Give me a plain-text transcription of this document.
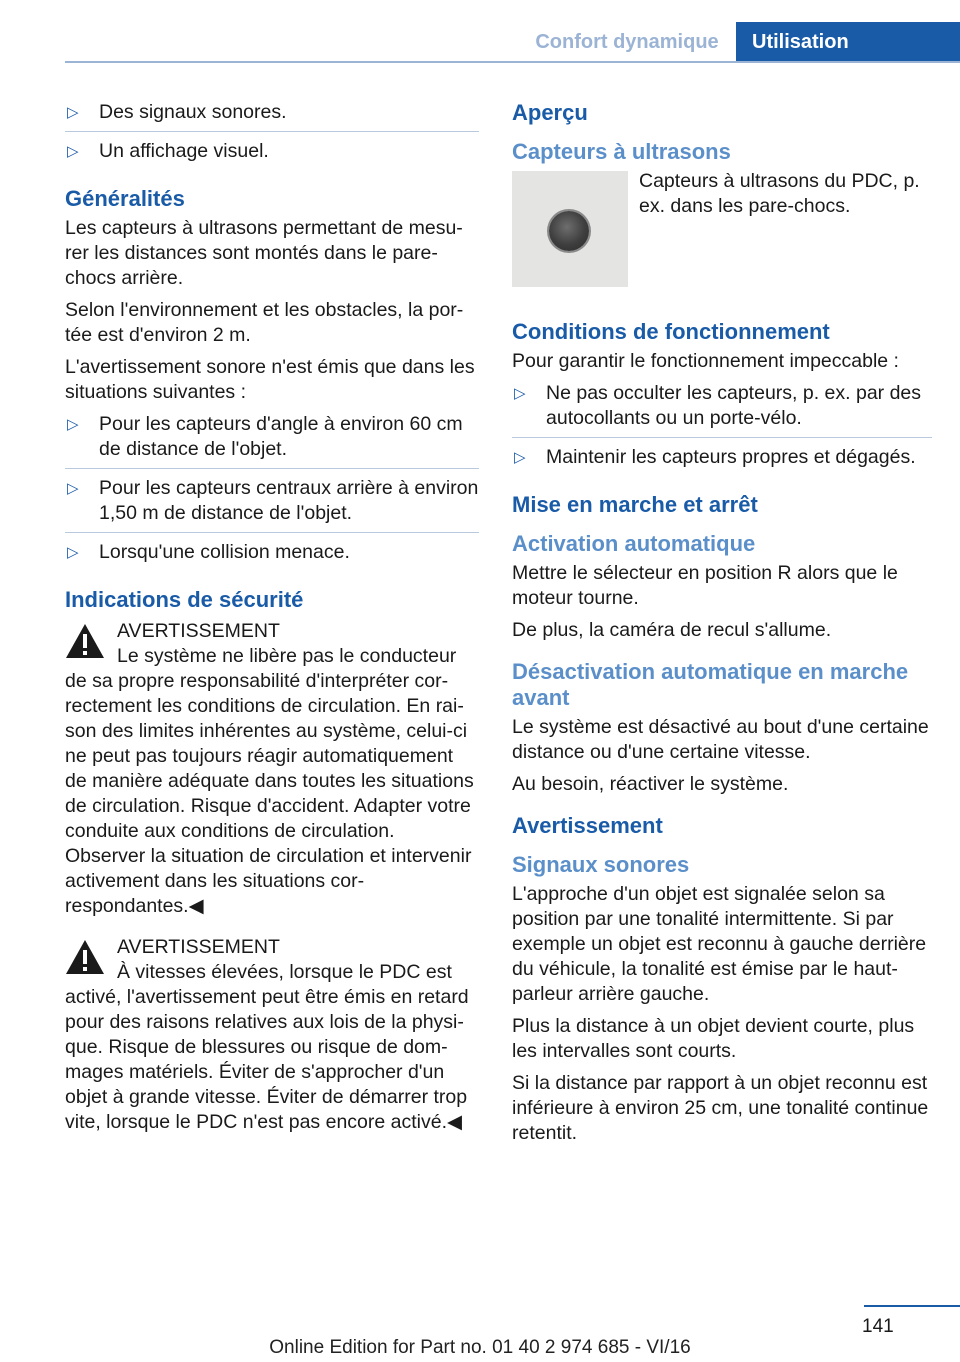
Confort dynamique	Utilisation
▷ Des signaux sonores.
▷ Un affichage visuel.
Généralités

Les capteurs à ultrasons permettant de mesurer les distances sont montés dans le pare-chocs arrière.

Selon l'environnement et les obstacles, la portée est d'environ 2 m.

L'avertissement sonore n'est émis que dans les situations suivantes :

▷ Pour les capteurs d'angle à environ 60 cm de distance de l'objet.
▷ Pour les capteurs centraux arrière à environ 1,50 m de distance de l'objet.
▷ Lorsqu'une collision menace.
Indications de sécurité
AVERTISSEMENT
Le système ne libère pas le conducteur

de sa propre responsabilité d'interpréter correctement les conditions de circulation. En raison des limites inhérentes au système, celui-ci ne peut pas toujours réagir automatiquement de manière adéquate dans toutes les situations de circulation. Risque d'accident. Adapter votre conduite aux conditions de circulation. Observer la situation de circulation et intervenir activement dans les situations correspondantes.◀

AVERTISSEMENT
À vitesses élevées, lorsque le PDC est

activé, l'avertissement peut être émis en retard pour des raisons relatives aux lois de la physique. Risque de blessures ou risque de dommages matériels. Éviter de s'approcher d'un objet à grande vitesse. Éviter de démarrer trop vite, lorsque le PDC n'est pas encore activé.◀

Aperçu
Capteurs à ultrasons
Capteurs à ultrasons du PDC, p. ex. dans les pare-chocs.
Conditions de fonctionnement

Pour garantir le fonctionnement impeccable :

▷ Ne pas occulter les capteurs, p. ex. par des autocollants ou un porte-vélo.
▷ Maintenir les capteurs propres et dégagés.
Mise en marche et arrêt
Activation automatique

Mettre le sélecteur en position R alors que le moteur tourne.

De plus, la caméra de recul s'allume.

Désactivation automatique en marche avant

Le système est désactivé au bout d'une certaine distance ou d'une certaine vitesse.

Au besoin, réactiver le système.

Avertissement
Signaux sonores

L'approche d'un objet est signalée selon sa position par une tonalité intermittente. Si par exemple un objet est reconnu à gauche derrière du véhicule, la tonalité est émise par le haut-parleur arrière gauche.

Plus la distance à un objet devient courte, plus les intervalles sont courts.

Si la distance par rapport à un objet reconnu est inférieure à environ 25 cm, une tonalité continue retentit.

141
Online Edition for Part no. 01 40 2 974 685 - VI/16
